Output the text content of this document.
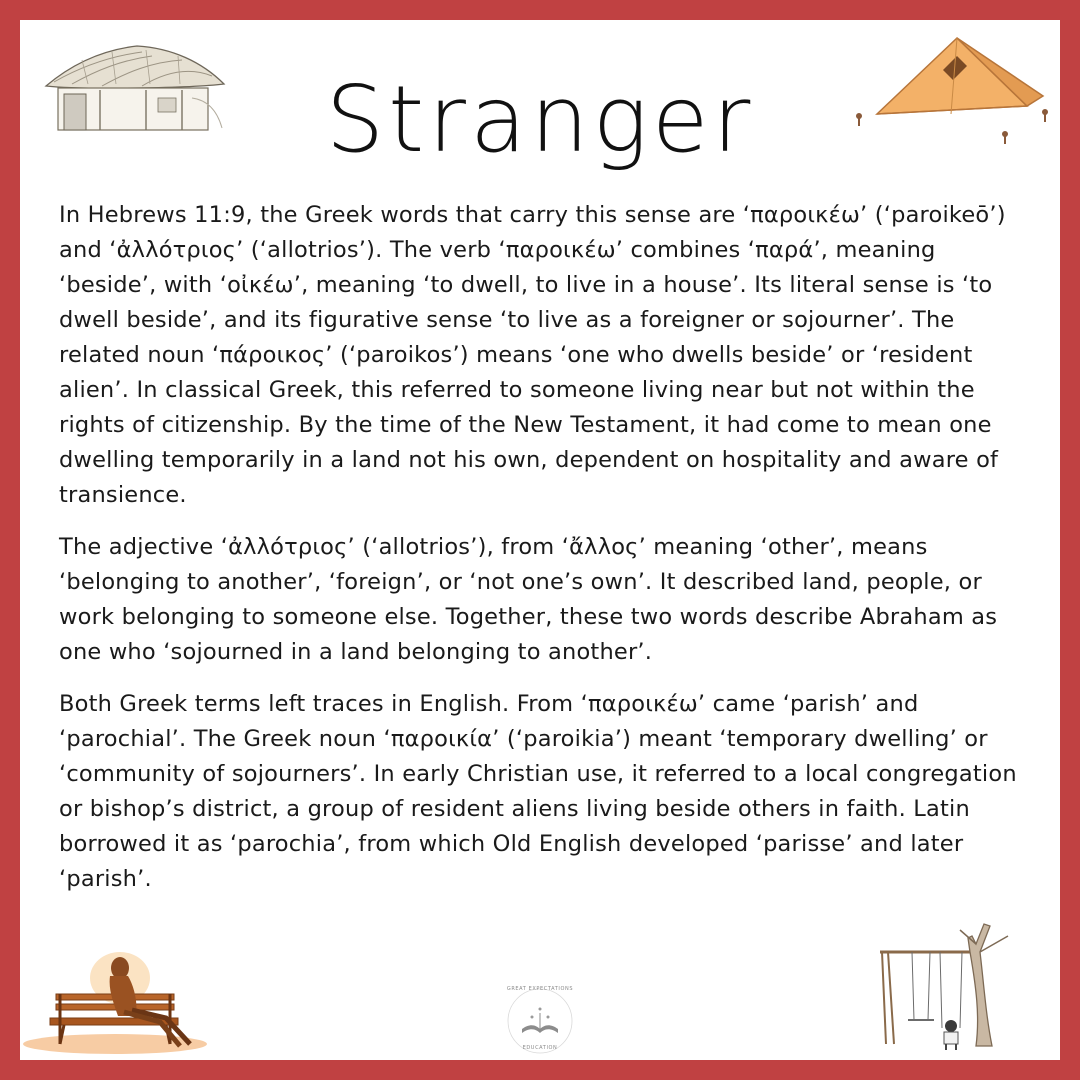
Stranger

In Hebrews 11:9, the Greek words that carry this sense are ‘παροικέω’ (‘paroikeō’) and ‘ἀλλότριος’ (‘allotrios’). The verb ‘παροικέω’ combines ‘παρά’, meaning ‘beside’, with ‘οἰκέω’, meaning ‘to dwell, to live in a house’. Its literal sense is ‘to dwell beside’, and its figurative sense ‘to live as a foreigner or sojourner’. The related noun ‘πάροικος’ (‘paroikos’) means ‘one who dwells beside’ or ‘resident alien’. In classical Greek, this referred to someone living near but not within the rights of citizenship. By the time of the New Testament, it had come to mean one dwelling temporarily in a land not his own, dependent on hospitality and aware of transience.

The adjective ‘ἀλλότριος’ (‘allotrios’), from ‘ἄλλος’ meaning ‘other’, means ‘belonging to another’, ‘foreign’, or ‘not one’s own’. It described land, people, or work belonging to someone else. Together, these two words describe Abraham as one who ‘sojourned in a land belonging to another’.

Both Greek terms left traces in English. From ‘παροικέω’ came ‘parish’ and ‘parochial’. The Greek noun ‘παροικία’ (‘paroikia’) meant ‘temporary dwelling’ or ‘community of sojourners’. In early Christian use, it referred to a local congregation or bishop’s district, a group of resident aliens living beside others in faith. Latin borrowed it as ‘parochia’, from which Old English developed ‘parisse’ and later ‘parish’.

GREAT EXPECTATIONS
EDUCATION
